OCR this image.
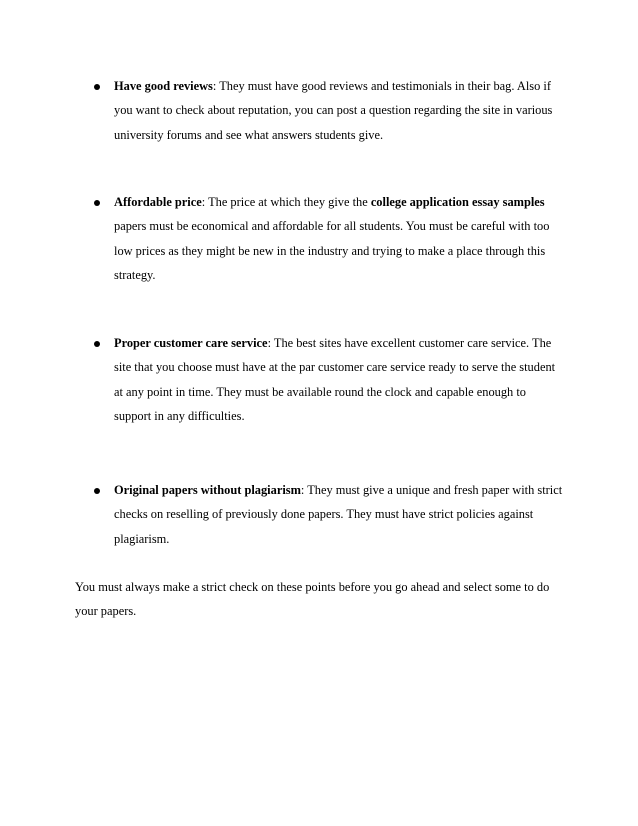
Have good reviews: They must have good reviews and testimonials in their bag. Also if you want to check about reputation, you can post a question regarding the site in various university forums and see what answers students give.

Affordable price: The price at which they give the college application essay samples papers must be economical and affordable for all students. You must be careful with too low prices as they might be new in the industry and trying to make a place through this strategy.

Proper customer care service: The best sites have excellent customer care service. The site that you choose must have at the par customer care service ready to serve the student at any point in time. They must be available round the clock and capable enough to support in any difficulties.

Original papers without plagiarism: They must give a unique and fresh paper with strict checks on reselling of previously done papers. They must have strict policies against plagiarism.

You must always make a strict check on these points before you go ahead and select some to do your papers.
